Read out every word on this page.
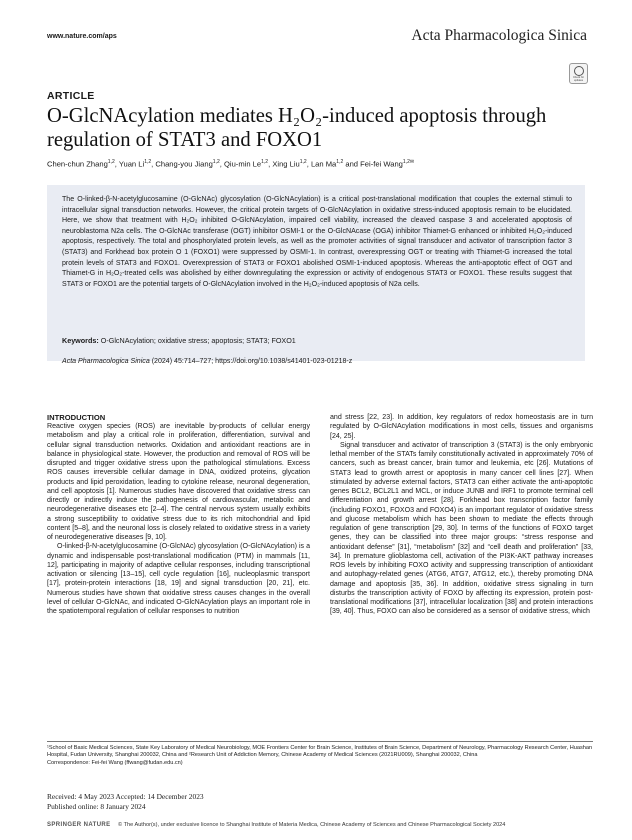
www.nature.com/aps	Acta Pharmacologica Sinica
Check for updates
ARTICLE
O-GlcNAcylation mediates H₂O₂-induced apoptosis through
regulation of STAT3 and FOXO1
Chen-chun Zhang$^{1,2}$, Yuan Li$^{1,2}$, Chang-you Jiang$^{1,2}$, Qiu-min Le$^{1,2}$, Xing Liu$^{1,2}$, Lan Ma$^{1,2}$ and Fei-fei Wang$^{1,2✉}$
The O-linked-β-N-acetylglucosamine (O-GlcNAc) glycosylation (O-GlcNAcylation) is a critical post-translational modification that couples the external stimuli to intracellular signal transduction networks. However, the critical protein targets of O-GlcNAcylation in oxidative stress-induced apoptosis remain to be elucidated. Here, we show that treatment with H₂O₂ inhibited O-GlcNAcylation, impaired cell viability, increased the cleaved caspase 3 and accelerated apoptosis of neuroblastoma N2a cells. The O-GlcNAc transferase (OGT) inhibitor OSMI-1 or the O-GlcNAcase (OGA) inhibitor Thiamet-G enhanced or inhibited H₂O₂-induced apoptosis, respectively. The total and phosphorylated protein levels, as well as the promoter activities of signal transducer and activator of transcription factor 3 (STAT3) and Forkhead box protein O 1 (FOXO1) were suppressed by OSMI-1. In contrast, overexpressing OGT or treating with Thiamet-G increased the total protein levels of STAT3 and FOXO1. Overexpression of STAT3 or FOXO1 abolished OSMI-1-induced apoptosis. Whereas the anti-apoptotic effect of OGT and Thiamet-G in H₂O₂-treated cells was abolished by either downregulating the expression or activity of endogenous STAT3 or FOXO1. These results suggest that STAT3 or FOXO1 are the potential targets of O-GlcNAcylation involved in the H₂O₂-induced apoptosis of N2a cells.
Keywords: O-GlcNAcylation; oxidative stress; apoptosis; STAT3; FOXO1
Acta Pharmacologica Sinica (2024) 45:714–727; https://doi.org/10.1038/s41401-023-01218-z
INTRODUCTION

Reactive oxygen species (ROS) are inevitable by-products of cellular energy metabolism and play a critical role in proliferation, differentiation, survival and cellular signal transduction networks. Oxidation and antioxidant reactions are in balance in physiological state. However, the production and removal of ROS will be disrupted and trigger oxidative stress upon the pathological stimulations. Excess ROS causes irreversible cellular damage in DNA, oxidized proteins, glycation products and lipid peroxidation, leading to cytokine release, neuronal degeneration, and cell apoptosis [1]. Numerous studies have discovered that oxidative stress can directly or indirectly induce the pathogenesis of cardiovascular, metabolic and neurodegenerative diseases etc [2–4]. The central nervous system usually exhibits a strong susceptibility to oxidative stress due to its rich mitochondrial and lipid content [5–8], and the neuronal loss is closely related to oxidative stress in a variety of neurodegenerative diseases [9, 10].

O-linked-β-N-acetylglucosamine (O-GlcNAc) glycosylation (O-GlcNAcylation) is a dynamic and indispensable post-translational modification (PTM) in mammals [11, 12], participating in majority of adaptive cellular responses, including transcriptional activation or silencing [13–15], cell cycle regulation [16], nucleoplasmic transport [17], protein-protein interactions [18, 19] and signal transduction [20, 21], etc. Numerous studies have shown that oxidative stress causes changes in the overall level of cellular O-GlcNAc, and indicated O-GlcNAcylation plays an important role in the spatiotemporal regulation of cellular responses to nutrition

and stress [22, 23]. In addition, key regulators of redox homeostasis are in turn regulated by O-GlcNAcylation modifications in most cells, tissues and organisms [24, 25].

Signal transducer and activator of transcription 3 (STAT3) is the only embryonic lethal member of the STATs family constitutionally activated in approximately 70% of cancers, such as breast cancer, brain tumor and leukemia, etc [26]. Mutations of STAT3 lead to growth arrest or apoptosis in many cancer cell lines [27]. When stimulated by adverse external factors, STAT3 can either activate the anti-apoptotic genes BCL2, BCL2L1 and MCL, or induce JUNB and IRF1 to promote terminal cell differentiation and growth arrest [28]. Forkhead box transcription factor family (including FOXO1, FOXO3 and FOXO4) is an important regulator of oxidative stress and glucose metabolism which has been shown to mediate the effects through regulation of gene transcription [29, 30]. In terms of the functions of FOXO target genes, they can be classified into three major groups: “stress response and antioxidant defense” [31], “metabolism” [32] and “cell death and proliferation” [33, 34]. In premature glioblastoma cell, activation of the PI3K-AKT pathway increases ROS levels by inhibiting FOXO activity and suppressing transcription of antioxidant and autophagy-related genes (ATG6, ATG7, ATG12, etc.), thereby promoting DNA damage and apoptosis [35, 36]. In addition, oxidative stress signaling in turn disturbs the transcription activity of FOXO by affecting its expression, protein post-translational modifications [37], intracellular localization [38] and protein interactions [39, 40]. Thus, FOXO can also be considered as a sensor of oxidative stress, which

¹School of Basic Medical Sciences, State Key Laboratory of Medical Neurobiology, MOE Frontiers Center for Brain Science, Institutes of Brain Science, Department of Neurology, Pharmacology Research Center, Huashan Hospital, Fudan University, Shanghai 200032, China and ²Research Unit of Addiction Memory, Chinese Academy of Medical Sciences (2021RU009), Shanghai 200032, China
Correspondence: Fei-fei Wang (ffwang@fudan.edu.cn)
Received: 4 May 2023 Accepted: 14 December 2023
Published online: 8 January 2024
SPRINGER NATURE © The Author(s), under exclusive licence to Shanghai Institute of Materia Medica, Chinese Academy of Sciences and Chinese Pharmacological Society 2024
